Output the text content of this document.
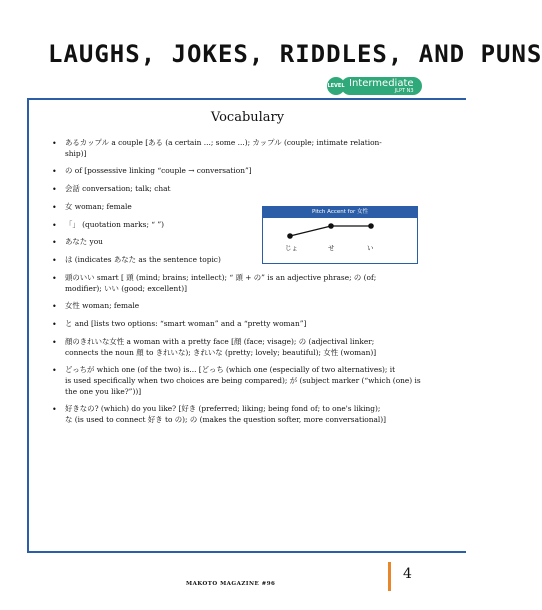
LAUGHS, JOKES, RIDDLES, AND PUNS
LEVEL Intermediate
JLPT N3
Vocabulary
• あるカップル a couple [ある (a certain ...; some ...); カップル (couple; intimate relation-
ship)]
• の of [possessive linking “couple → conversation”]
• 会話 conversation; talk; chat
• 女 woman; female
• 「」 (quotation marks; “ ”)
• あなた you
• は (indicates あなた as the sentence topic)
• 頭のいい smart [ 頭 (mind; brains; intellect); “ 頭 + の” is an adjective phrase; の (of;
modifier); いい (good; excellent)]
• 女性 woman; female
• と and [lists two options: “smart woman” and a “pretty woman”]
• 顔のきれいな女性 a woman with a pretty face [顔 (face; visage); の (adjectival linker;
connects the noun 顔 to きれいな); きれいな (pretty; lovely; beautiful); 女性 (woman)]
• どっちが which one (of the two) is... [どっち (which one (especially of two alternatives); it
is used specifically when two choices are being compared); が (subject marker (“which (one) is the one you like?”))]
• 好きなの? (which) do you like? [好き (preferred; liking; being fond of; to one's liking);
な (is used to connect 好き to の); の (makes the question softer, more conversational)]
Pitch Accent for 女性
じょ	せ	い
MAKOTO MAGAZINE #96
4
